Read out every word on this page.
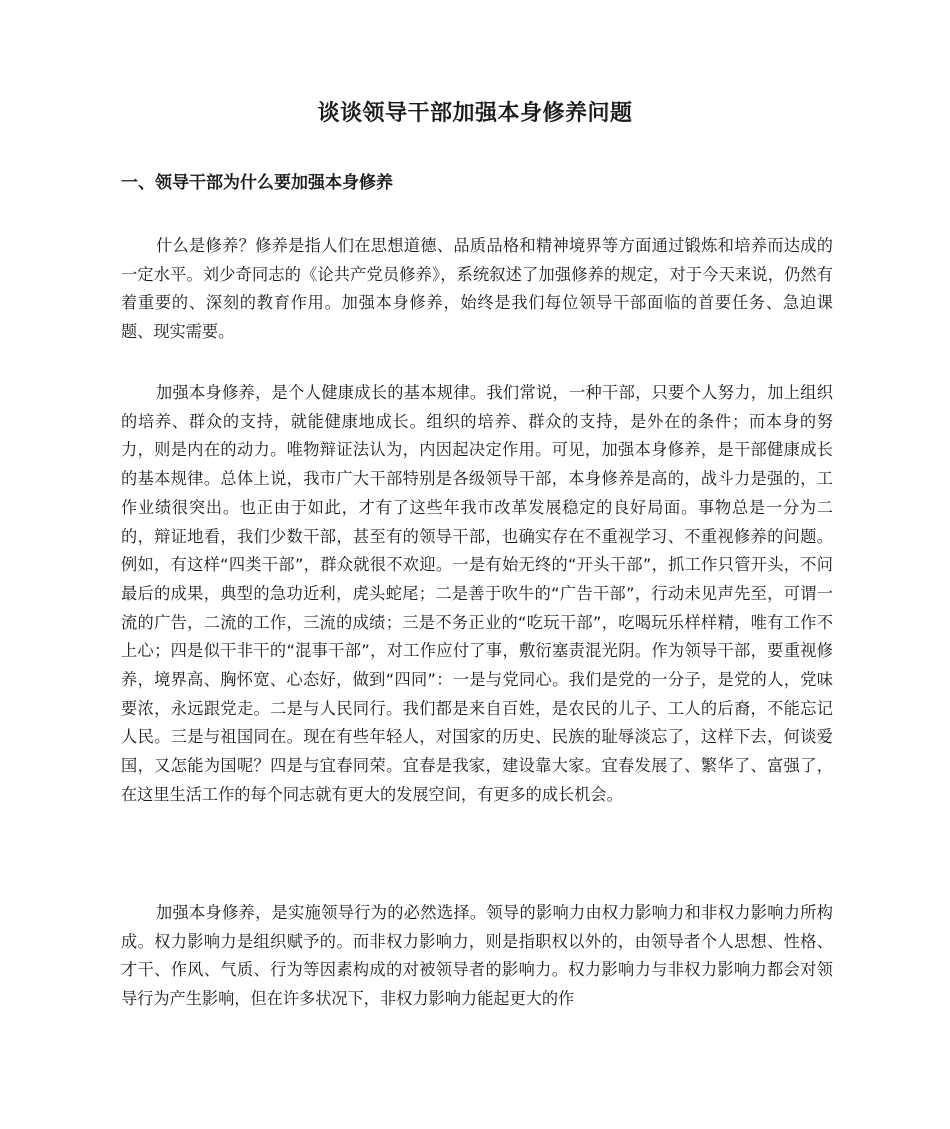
谈谈领导干部加强本身修养问题
一、领导干部为什么要加强本身修养

什么是修养？修养是指人们在思想道德、品质品格和精神境界等方面通过锻炼和培养而达成的一定水平。刘少奇同志的《论共产党员修养》，系统叙述了加强修养的规定，对于今天来说，仍然有着重要的、深刻的教育作用。加强本身修养，始终是我们每位领导干部面临的首要任务、急迫课题、现实需要。

加强本身修养，是个人健康成长的基本规律。我们常说，一种干部，只要个人努力，加上组织的培养、群众的支持，就能健康地成长。组织的培养、群众的支持，是外在的条件；而本身的努力，则是内在的动力。唯物辩证法认为，内因起决定作用。可见，加强本身修养，是干部健康成长的基本规律。总体上说，我市广大干部特别是各级领导干部，本身修养是高的，战斗力是强的，工作业绩很突出。也正由于如此，才有了这些年我市改革发展稳定的良好局面。事物总是一分为二的，辩证地看，我们少数干部，甚至有的领导干部，也确实存在不重视学习、不重视修养的问题。例如，有这样“四类干部”，群众就很不欢迎。一是有始无终的“开头干部”，抓工作只管开头，不问最后的成果，典型的急功近利，虎头蛇尾；二是善于吹牛的“广告干部”，行动未见声先至，可谓一流的广告，二流的工作，三流的成绩；三是不务正业的“吃玩干部”，吃喝玩乐样样精，唯有工作不上心；四是似干非干的“混事干部”，对工作应付了事，敷衍塞责混光阴。作为领导干部，要重视修养，境界高、胸怀宽、心态好，做到“四同”：一是与党同心。我们是党的一分子，是党的人，党味要浓，永远跟党走。二是与人民同行。我们都是来自百姓，是农民的儿子、工人的后裔，不能忘记人民。三是与祖国同在。现在有些年轻人，对国家的历史、民族的耻辱淡忘了，这样下去，何谈爱国，又怎能为国呢？四是与宜春同荣。宜春是我家，建设靠大家。宜春发展了、繁华了、富强了，在这里生活工作的每个同志就有更大的发展空间，有更多的成长机会。

加强本身修养，是实施领导行为的必然选择。领导的影响力由权力影响力和非权力影响力所构成。权力影响力是组织赋予的。而非权力影响力，则是指职权以外的，由领导者个人思想、性格、才干、作风、气质、行为等因素构成的对被领导者的影响力。权力影响力与非权力影响力都会对领导行为产生影响，但在许多状况下，非权力影响力能起更大的作
